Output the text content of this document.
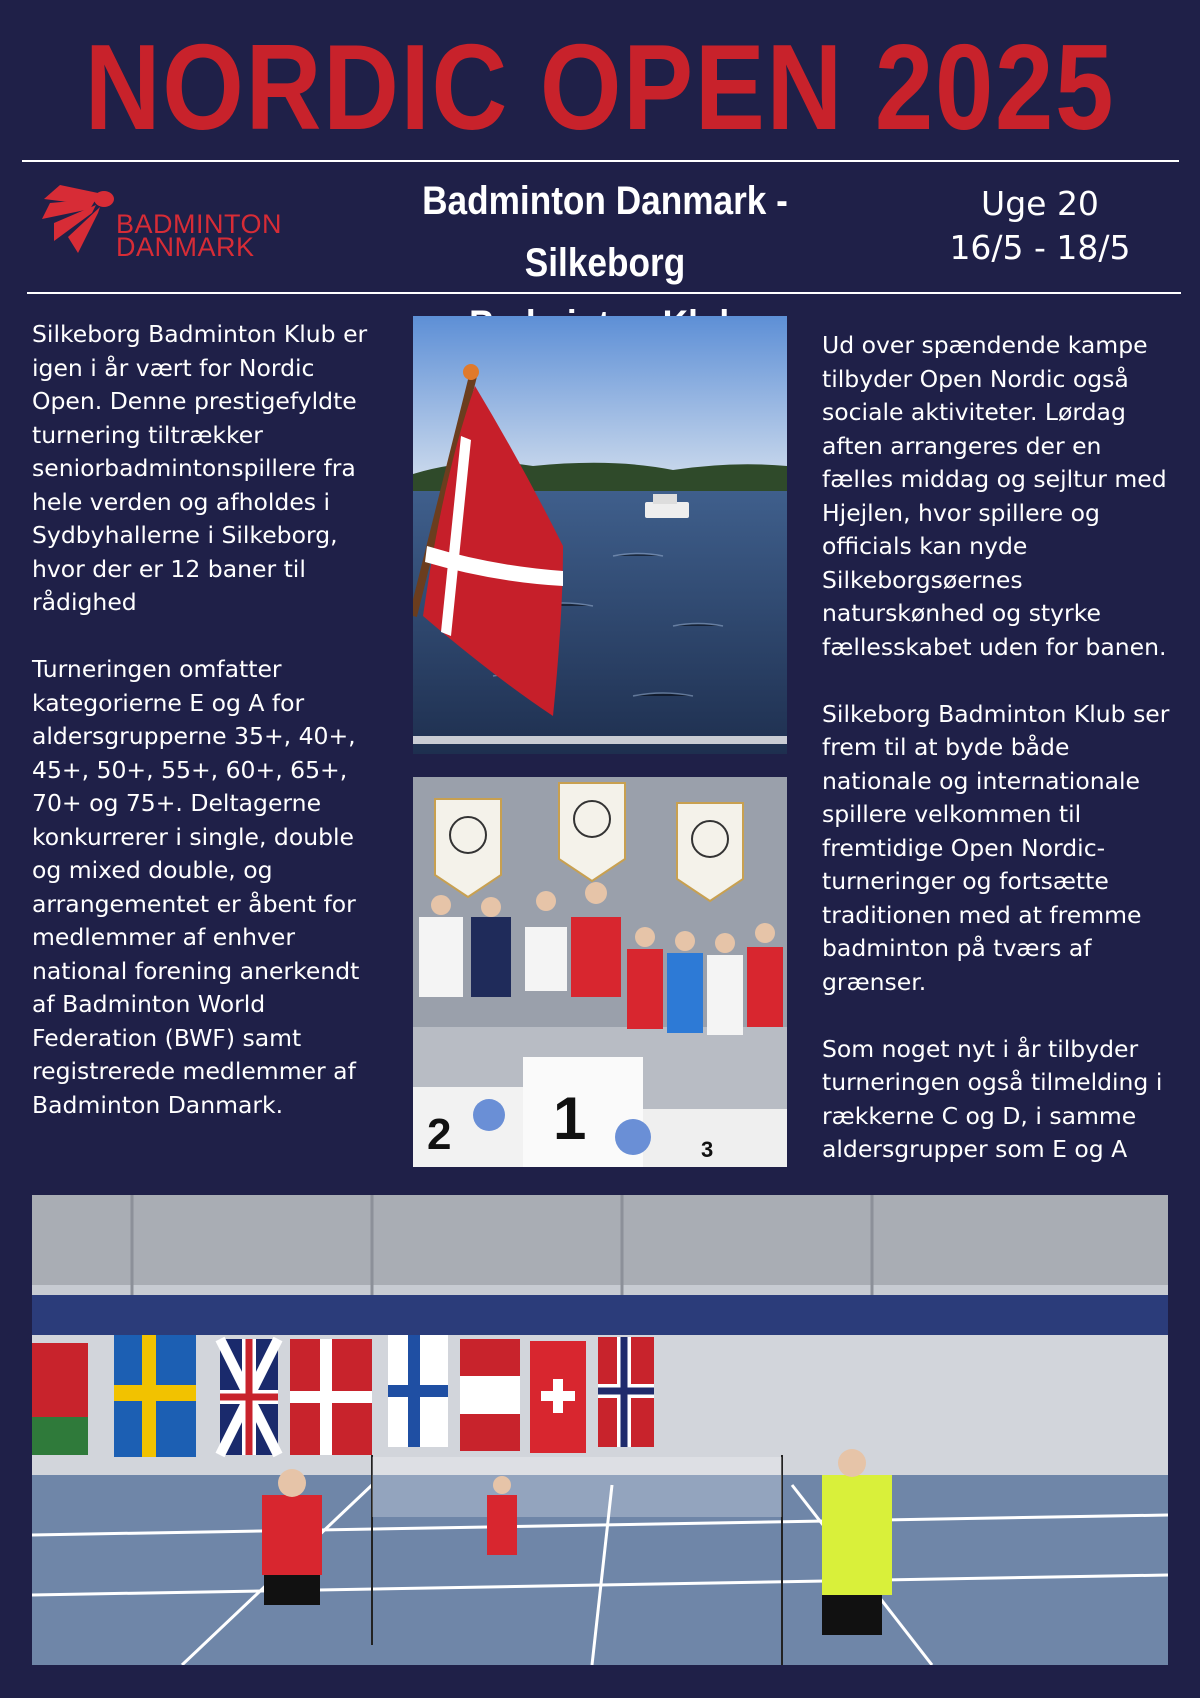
NORDIC OPEN 2025
BADMINTON
DANMARK
Badminton Danmark - Silkeborg
Uge 20
16/5 - 18/5

Silkeborg Badminton Klub er igen i år vært for Nordic Open. Denne prestigefyldte turnering tiltrækker seniorbadmintonspillere fra hele verden og afholdes i Sydbyhallerne i Silkeborg, hvor der er 12 baner til rådighed

Turneringen omfatter kategorierne E og A for aldersgrupperne 35+, 40+, 45+, 50+, 55+, 60+, 65+, 70+ og 75+. Deltagerne konkurrerer i single, double og mixed double, og arrangementet er åbent for medlemmer af enhver national forening anerkendt af Badminton World Federation (BWF) samt registrerede medlemmer af Badminton Danmark.

2 1	3

Ud over spændende kampe tilbyder Open Nordic også sociale aktiviteter. Lørdag aften arrangeres der en fælles middag og sejltur med Hjejlen, hvor spillere og officials kan nyde Silkeborgsøernes naturskønhed og styrke fællesskabet uden for banen.

Silkeborg Badminton Klub ser frem til at byde både nationale og internationale spillere velkommen til fremtidige Open Nordic-turneringer og fortsætte traditionen med at fremme badminton på tværs af grænser.

Som noget nyt i år tilbyder turneringen også tilmelding i rækkerne C og D, i samme aldersgrupper som E og A
